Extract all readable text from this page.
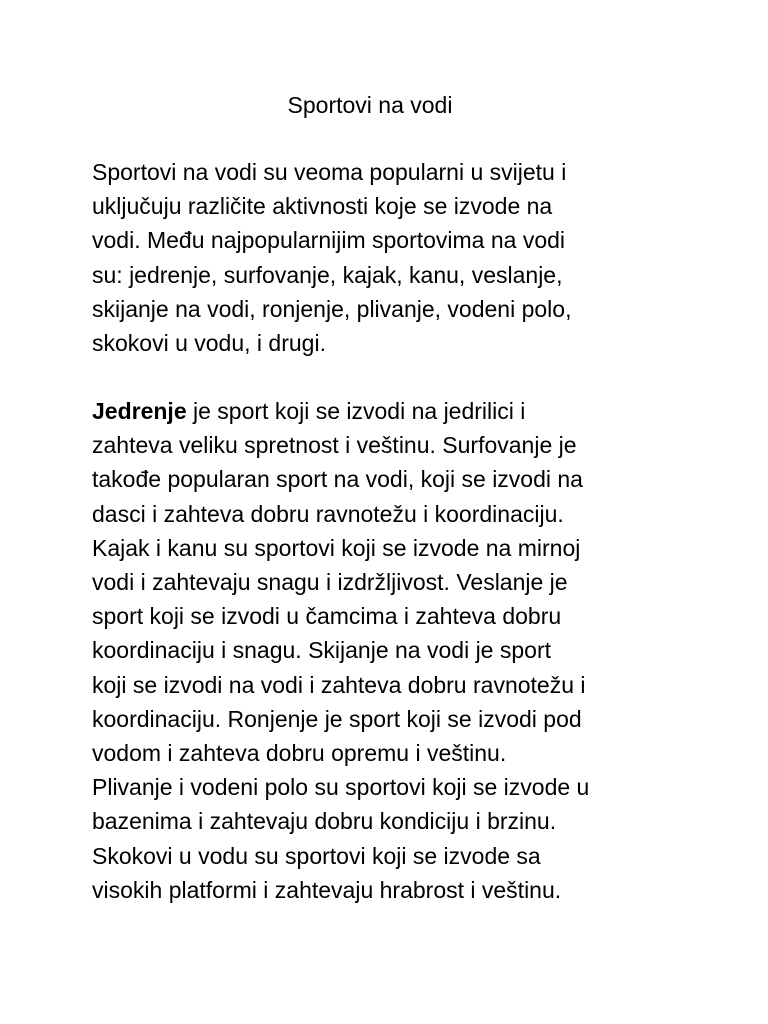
Sportovi na vodi
Sportovi na vodi su veoma popularni u svijetu i
uključuju različite aktivnosti koje se izvode na
vodi. Među najpopularnijim sportovima na vodi
su: jedrenje, surfovanje, kajak, kanu, veslanje,
skijanje na vodi, ronjenje, plivanje, vodeni polo,
skokovi u vodu, i drugi.
Jedrenje je sport koji se izvodi na jedrilici i
zahteva veliku spretnost i veštinu. Surfovanje je
takođe popularan sport na vodi, koji se izvodi na
dasci i zahteva dobru ravnotežu i koordinaciju.
Kajak i kanu su sportovi koji se izvode na mirnoj
vodi i zahtevaju snagu i izdržljivost. Veslanje je
sport koji se izvodi u čamcima i zahteva dobru
koordinaciju i snagu. Skijanje na vodi je sport
koji se izvodi na vodi i zahteva dobru ravnotežu i
koordinaciju. Ronjenje je sport koji se izvodi pod
vodom i zahteva dobru opremu i veštinu.
Plivanje i vodeni polo su sportovi koji se izvode u
bazenima i zahtevaju dobru kondiciju i brzinu.
Skokovi u vodu su sportovi koji se izvode sa
visokih platformi i zahtevaju hrabrost i veštinu.
